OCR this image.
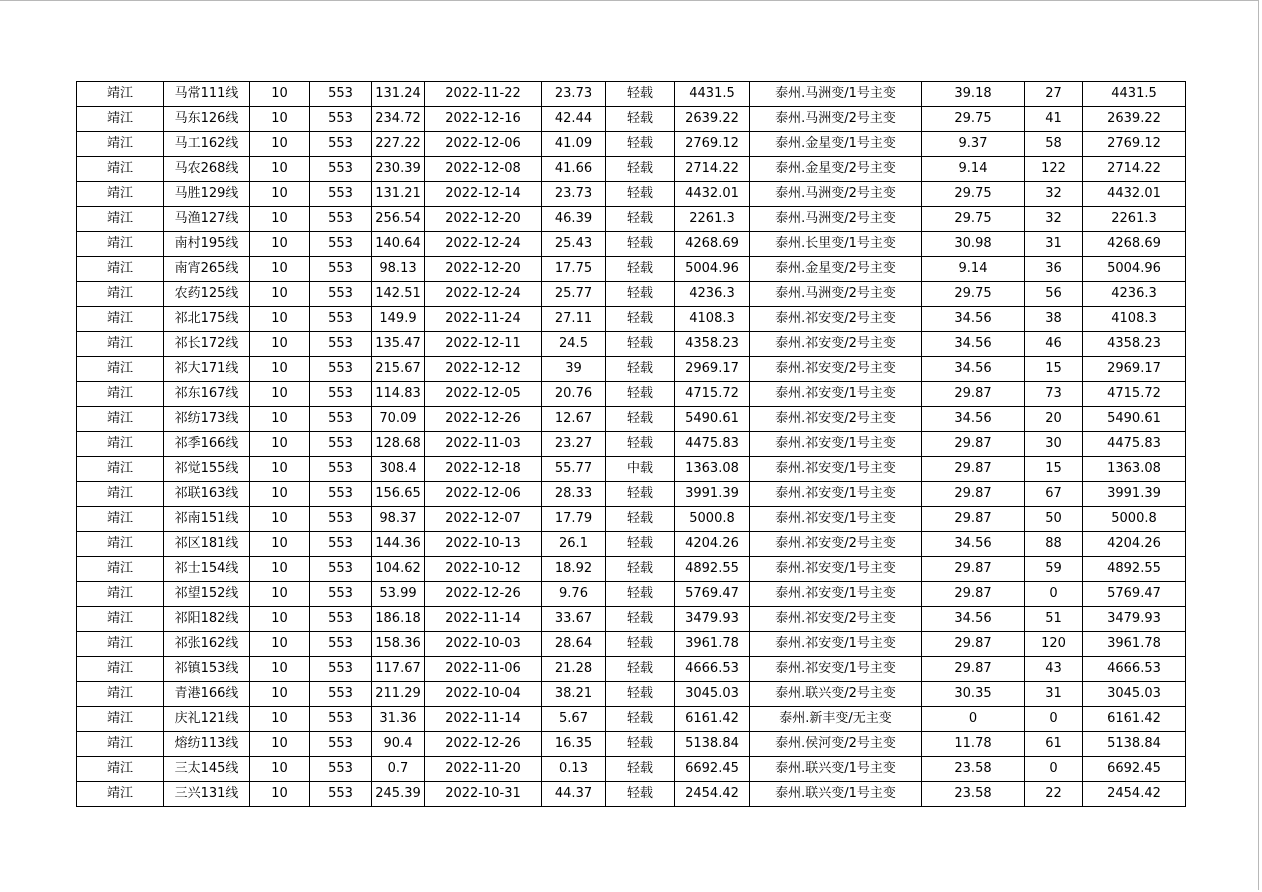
靖江	马常111线	10	553	131.24	2022-11-22	23.73	轻载	4431.5	泰州.马洲变/1号主变	39.18	27	4431.5
靖江	马东126线	10	553	234.72	2022-12-16	42.44	轻载	2639.22	泰州.马洲变/2号主变	29.75	41	2639.22
靖江	马工162线	10	553	227.22	2022-12-06	41.09	轻载	2769.12	泰州.金星变/1号主变	9.37	58	2769.12
靖江	马农268线	10	553	230.39	2022-12-08	41.66	轻载	2714.22	泰州.金星变/2号主变	9.14	122	2714.22
靖江	马胜129线	10	553	131.21	2022-12-14	23.73	轻载	4432.01	泰州.马洲变/2号主变	29.75	32	4432.01
靖江	马渔127线	10	553	256.54	2022-12-20	46.39	轻载	2261.3	泰州.马洲变/2号主变	29.75	32	2261.3
靖江	南村195线	10	553	140.64	2022-12-24	25.43	轻载	4268.69	泰州.长里变/1号主变	30.98	31	4268.69
靖江	南宵265线	10	553	98.13	2022-12-20	17.75	轻载	5004.96	泰州.金星变/2号主变	9.14	36	5004.96
靖江	农药125线	10	553	142.51	2022-12-24	25.77	轻载	4236.3	泰州.马洲变/2号主变	29.75	56	4236.3
靖江	祁北175线	10	553	149.9	2022-11-24	27.11	轻载	4108.3	泰州.祁安变/2号主变	34.56	38	4108.3
靖江	祁长172线	10	553	135.47	2022-12-11	24.5	轻载	4358.23	泰州.祁安变/2号主变	34.56	46	4358.23
靖江	祁大171线	10	553	215.67	2022-12-12	39	轻载	2969.17	泰州.祁安变/2号主变	34.56	15	2969.17
靖江	祁东167线	10	553	114.83	2022-12-05	20.76	轻载	4715.72	泰州.祁安变/1号主变	29.87	73	4715.72
靖江	祁纺173线	10	553	70.09	2022-12-26	12.67	轻载	5490.61	泰州.祁安变/2号主变	34.56	20	5490.61
靖江	祁季166线	10	553	128.68	2022-11-03	23.27	轻载	4475.83	泰州.祁安变/1号主变	29.87	30	4475.83
靖江	祁觉155线	10	553	308.4	2022-12-18	55.77	中载	1363.08	泰州.祁安变/1号主变	29.87	15	1363.08
靖江	祁联163线	10	553	156.65	2022-12-06	28.33	轻载	3991.39	泰州.祁安变/1号主变	29.87	67	3991.39
靖江	祁南151线	10	553	98.37	2022-12-07	17.79	轻载	5000.8	泰州.祁安变/1号主变	29.87	50	5000.8
靖江	祁区181线	10	553	144.36	2022-10-13	26.1	轻载	4204.26	泰州.祁安变/2号主变	34.56	88	4204.26
靖江	祁士154线	10	553	104.62	2022-10-12	18.92	轻载	4892.55	泰州.祁安变/1号主变	29.87	59	4892.55
靖江	祁望152线	10	553	53.99	2022-12-26	9.76	轻载	5769.47	泰州.祁安变/1号主变	29.87	0	5769.47
靖江	祁阳182线	10	553	186.18	2022-11-14	33.67	轻载	3479.93	泰州.祁安变/2号主变	34.56	51	3479.93
靖江	祁张162线	10	553	158.36	2022-10-03	28.64	轻载	3961.78	泰州.祁安变/1号主变	29.87	120	3961.78
靖江	祁镇153线	10	553	117.67	2022-11-06	21.28	轻载	4666.53	泰州.祁安变/1号主变	29.87	43	4666.53
靖江	青港166线	10	553	211.29	2022-10-04	38.21	轻载	3045.03	泰州.联兴变/2号主变	30.35	31	3045.03
靖江	庆礼121线	10	553	31.36	2022-11-14	5.67	轻载	6161.42	泰州.新丰变/无主变	0	0	6161.42
靖江	熔纺113线	10	553	90.4	2022-12-26	16.35	轻载	5138.84	泰州.侯河变/2号主变	11.78	61	5138.84
靖江	三太145线	10	553	0.7	2022-11-20	0.13	轻载	6692.45	泰州.联兴变/1号主变	23.58	0	6692.45
靖江	三兴131线	10	553	245.39	2022-10-31	44.37	轻载	2454.42	泰州.联兴变/1号主变	23.58	22	2454.42
